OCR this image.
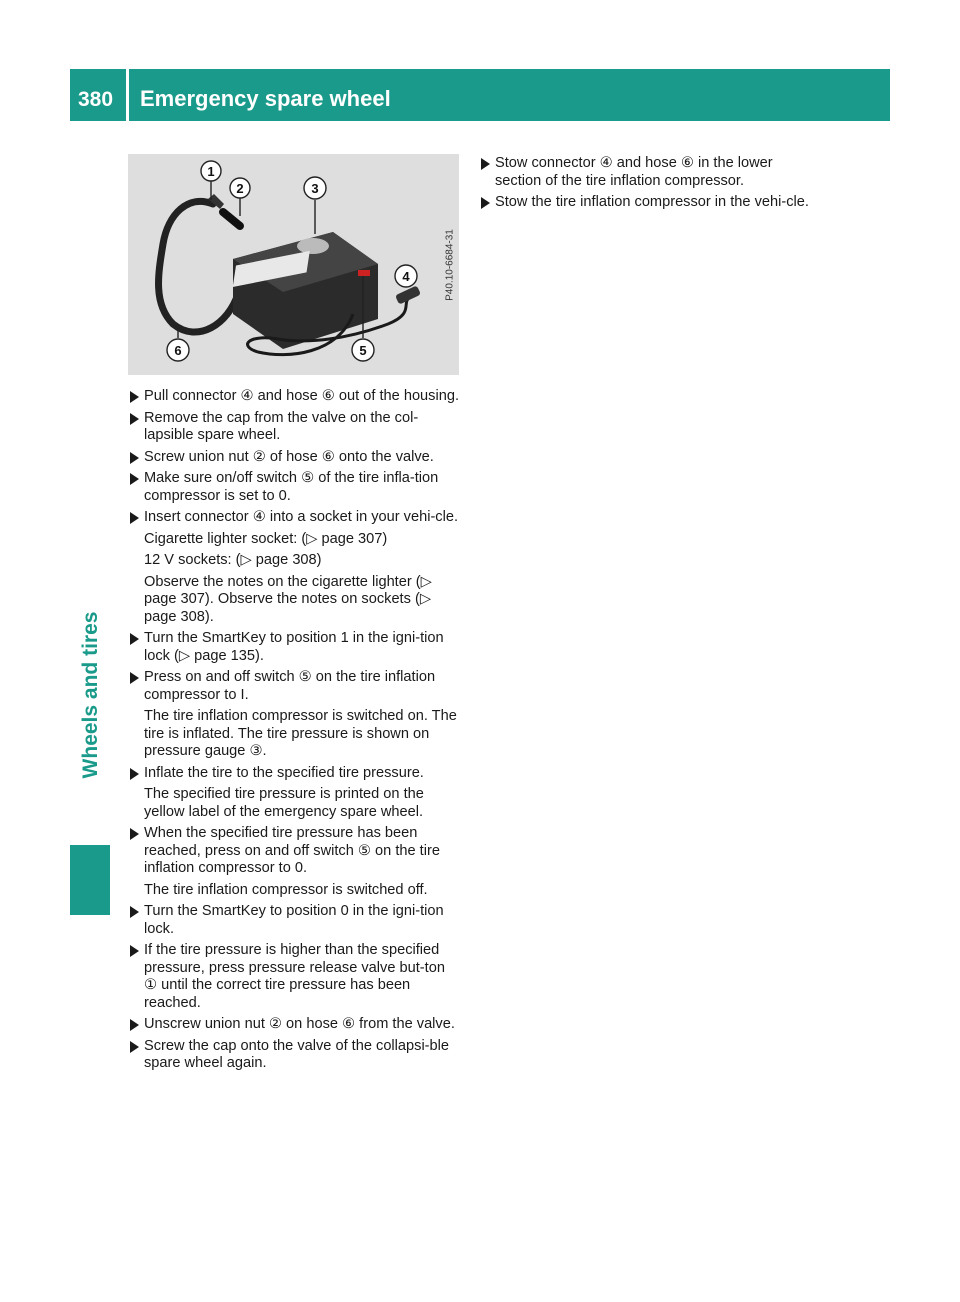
380 Emergency spare wheel
Wheels and tires
1
2	3
4
5
6
P40.10-6684-31
Pull connector ④ and hose ⑥ out of the housing.
Remove the cap from the valve on the col-lapsible spare wheel.
Screw union nut ② of hose ⑥ onto the valve.
Make sure on/off switch ⑤ of the tire infla-tion compressor is set to 0.
Insert connector ④ into a socket in your vehi-cle.
Cigarette lighter socket: (▷ page 307)
12 V sockets: (▷ page 308)
Observe the notes on the cigarette lighter (▷ page 307). Observe the notes on sockets (▷ page 308).
Turn the SmartKey to position 1 in the igni-tion lock (▷ page 135).
Press on and off switch ⑤ on the tire inflation compressor to I.
The tire inflation compressor is switched on. The tire is inflated. The tire pressure is shown on pressure gauge ③.
Inflate the tire to the specified tire pressure.
The specified tire pressure is printed on the yellow label of the emergency spare wheel.
When the specified tire pressure has been reached, press on and off switch ⑤ on the tire inflation compressor to 0.
The tire inflation compressor is switched off.
Turn the SmartKey to position 0 in the igni-tion lock.
If the tire pressure is higher than the specified pressure, press pressure release valve but-ton ① until the correct tire pressure has been reached.
Unscrew union nut ② on hose ⑥ from the valve.
Screw the cap onto the valve of the collapsi-ble spare wheel again.
Stow connector ④ and hose ⑥ in the lower section of the tire inflation compressor.
Stow the tire inflation compressor in the vehi-cle.
